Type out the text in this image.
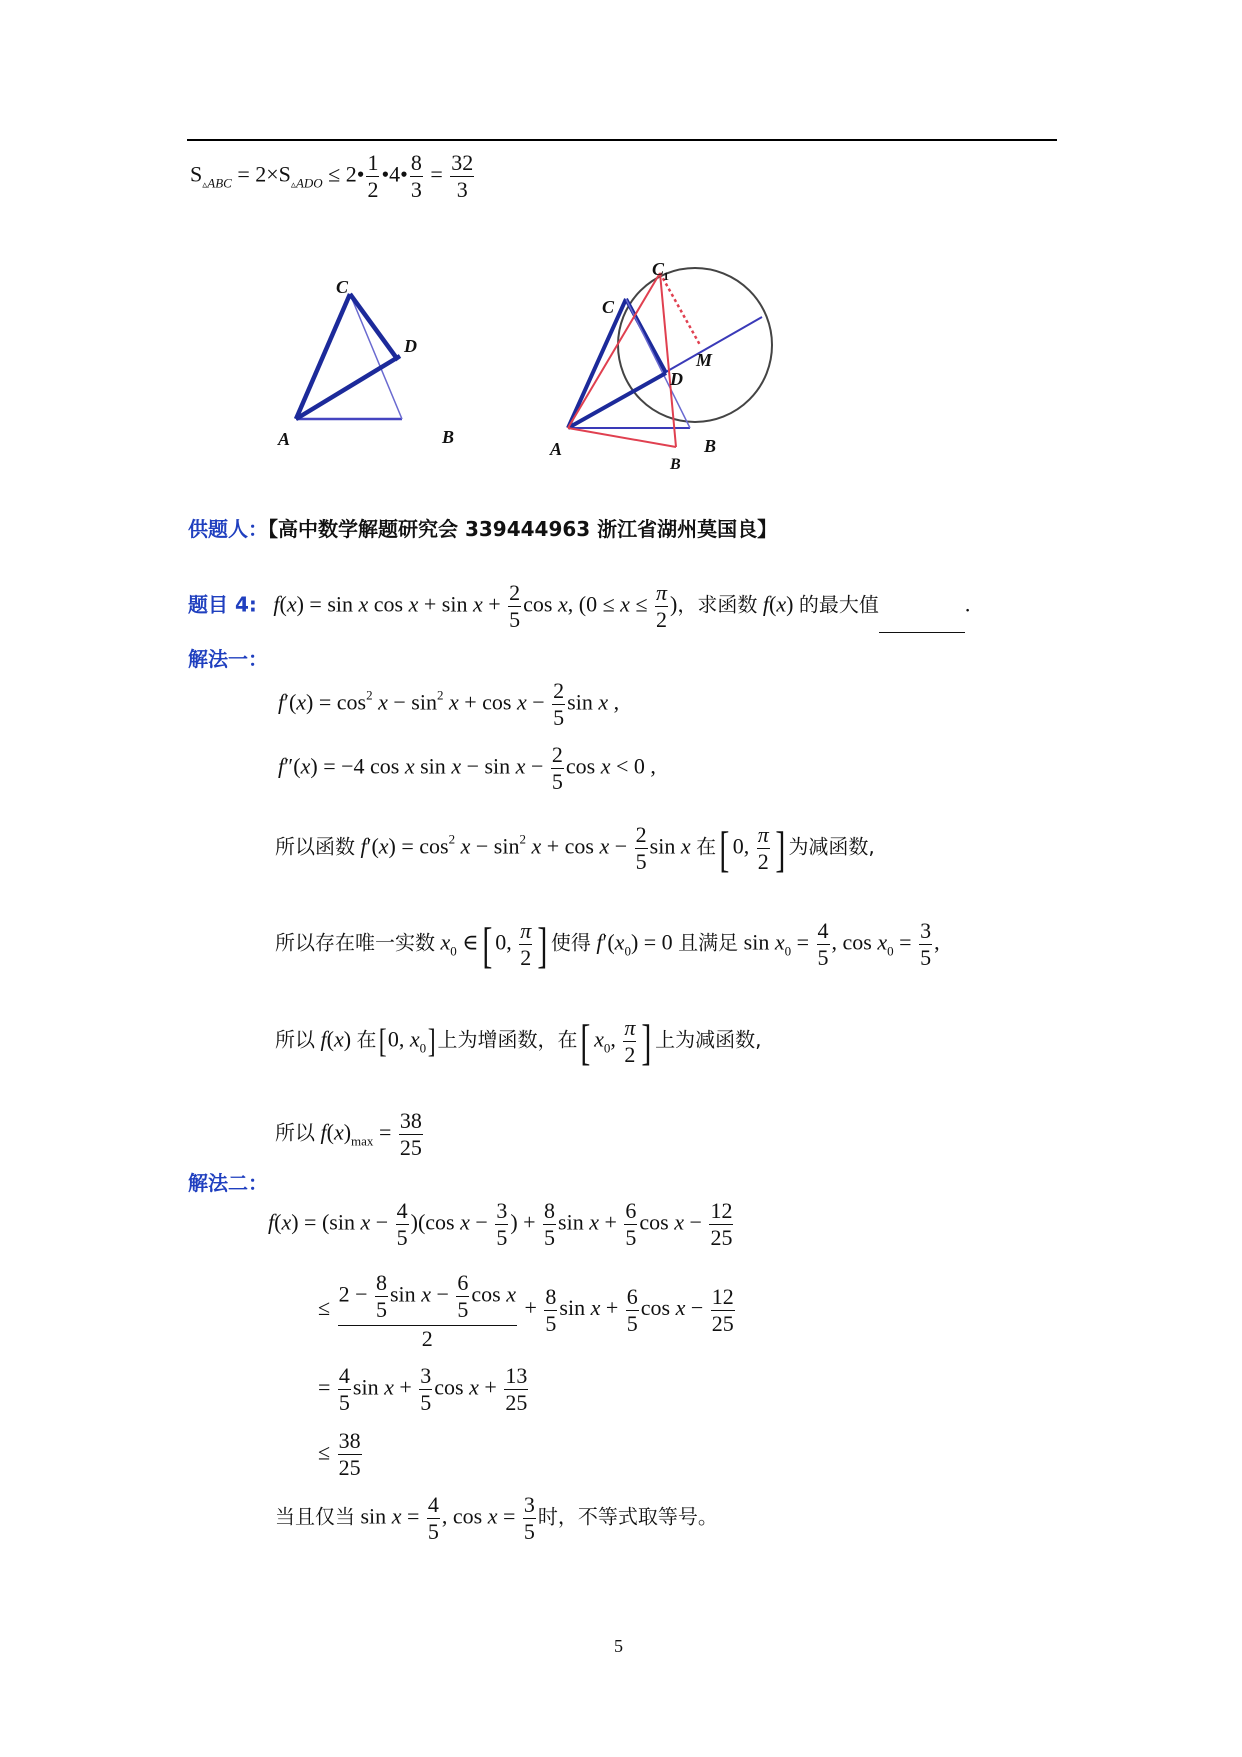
$S_{▵ABC} = 2\times S_{▵ADO}$ ≤ 2• $\frac{1}{2}$ •4• $\frac{8}{3} = \frac{32}{3}$
C
D
A	B
C
1
C
M
D
A	B
B
供题人：【高中数学解题研究会 339444963 浙江省湖州莫国良】
题目 4: f(x) = sin x $\cos x + \sin x + \frac{2}{5}$ cos x, ($0 \le x \le \frac{\pi}{2}$ )，求函数 f(x) 的最大值	.
解法一：
$f'(x) = \cos^2 x - \sin^2 x + \cos x - \frac{2}{5}$ sin x ,
f″(x) = −4 cos x $\sin x - \sin x - \frac{2}{5}$ cos x < 0 ,
所以函数 $f'(x) = \cos^2 x - \sin^2 x + \cos x - \frac{2}{5}$ sin x 在[ 0, $\frac{\pi}{2}$ ] 为减函数,
所以存在唯一实数 $x_0$ ∈[ 0, $\frac{\pi}{2}$ ] 使得 $f'(x_0) = 0$ 且满足 $\sin x_0 = \frac{4}{5}$ , $\cos x_0 = \frac{3}{5}$ ,
所以 f(x) 在[0, $x_0$]上为增函数，在[ $x_0$, $\frac{\pi}{2}$ ] 上为减函数,
所以 $f(x)_{max} = \frac{38}{25}$
解法二：
f(x) = (sin $x - \frac{4}{5} )(\cos$ $x - \frac{3}{5}$ ) + $\frac{8}{5}$ $\sin x + \frac{6}{5}$ $\cos x - \frac{12}{25}$
≤ $\frac{2 - \frac{8}{5} \sin x - \frac{6}{5} \cos x}{2} + \frac{8}{5}$ $\sin x + \frac{6}{5}$ $\cos x - \frac{12}{25}$
= $\frac{4}{5}$ $\sin x + \frac{3}{5}$ $\cos x + \frac{13}{25}$
≤ $\frac{38}{25}$
当且仅当 $\sin x = \frac{4}{5}$ , $\cos x = \frac{3}{5}$ 时，不等式取等号。
5
